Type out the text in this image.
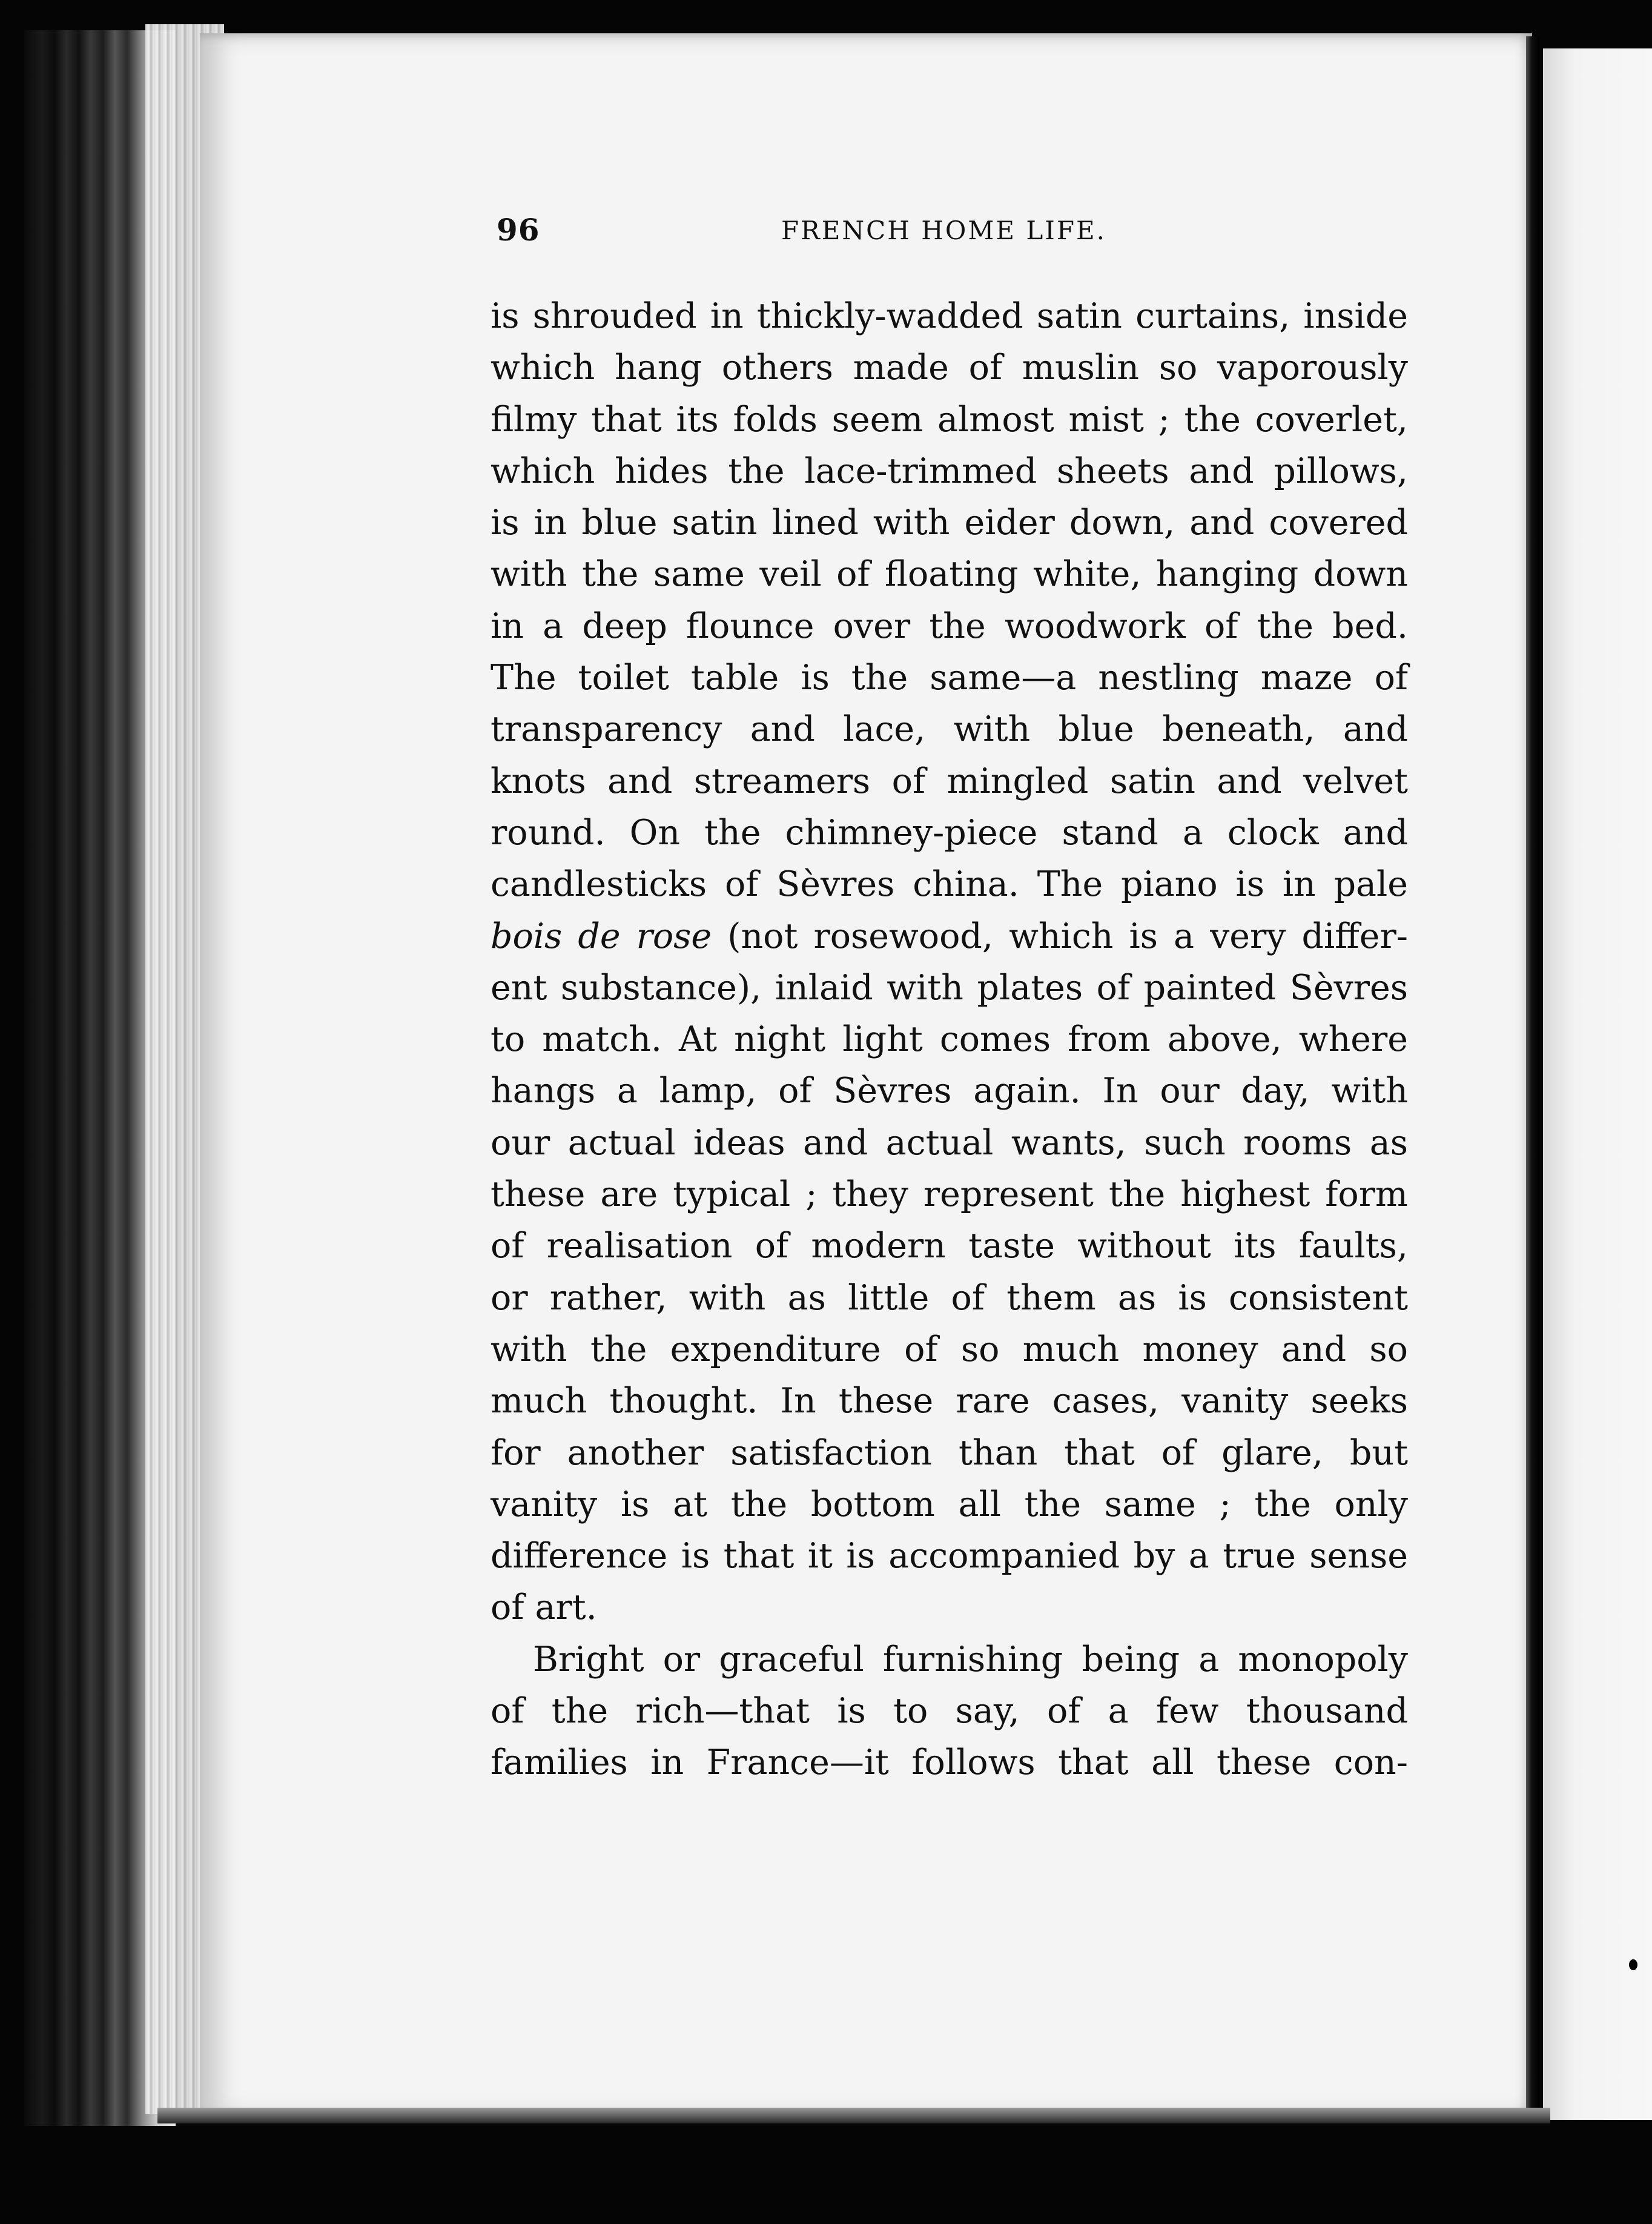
96	FRENCH HOME LIFE.
is shrouded in thickly-wadded satin curtains, inside
which hang others made of muslin so vaporously
filmy that its folds seem almost mist ; the coverlet,
which hides the lace-trimmed sheets and pillows,
is in blue satin lined with eider down, and covered
with the same veil of floating white, hanging down
in a deep flounce over the woodwork of the bed.
The toilet table is the same—a nestling maze of
transparency and lace, with blue beneath, and
knots and streamers of mingled satin and velvet
round. On the chimney-piece stand a clock and
candlesticks of Sèvres china. The piano is in pale
bois de rose (not rosewood, which is a very differ-
ent substance), inlaid with plates of painted Sèvres
to match. At night light comes from above, where
hangs a lamp, of Sèvres again. In our day, with
our actual ideas and actual wants, such rooms as
these are typical ; they represent the highest form
of realisation of modern taste without its faults,
or rather, with as little of them as is consistent
with the expenditure of so much money and so
much thought. In these rare cases, vanity seeks
for another satisfaction than that of glare, but
vanity is at the bottom all the same ; the only
difference is that it is accompanied by a true sense
of art.
Bright or graceful furnishing being a monopoly
of the rich—that is to say, of a few thousand
families in France—it follows that all these con-
